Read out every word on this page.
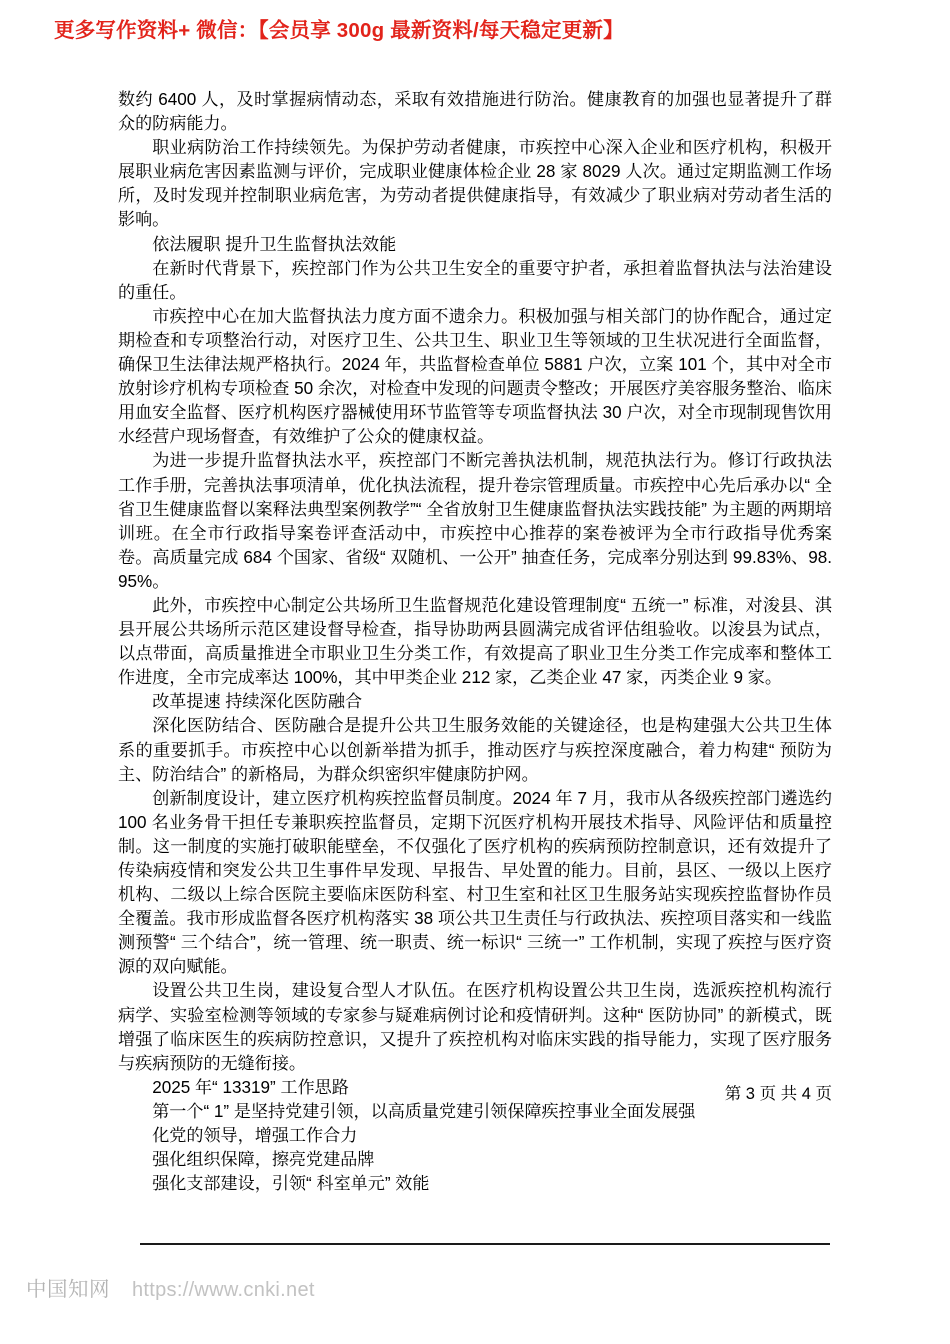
更多写作资料+ 微信：【会员享 300g 最新资料/每天稳定更新】

数约 6400 人，及时掌握病情动态，采取有效措施进行防治。健康教育的加强也显著提升了群众的防病能力。

职业病防治工作持续领先。为保护劳动者健康，市疾控中心深入企业和医疗机构，积极开展职业病危害因素监测与评价，完成职业健康体检企业 28 家 8029 人次。通过定期监测工作场所，及时发现并控制职业病危害，为劳动者提供健康指导，有效减少了职业病对劳动者生活的影响。

依法履职 提升卫生监督执法效能

在新时代背景下，疾控部门作为公共卫生安全的重要守护者，承担着监督执法与法治建设的重任。

市疾控中心在加大监督执法力度方面不遗余力。积极加强与相关部门的协作配合，通过定期检查和专项整治行动，对医疗卫生、公共卫生、职业卫生等领域的卫生状况进行全面监督，确保卫生法律法规严格执行。2024 年，共监督检查单位 5881 户次，立案 101 个，其中对全市放射诊疗机构专项检查 50 余次，对检查中发现的问题责令整改；开展医疗美容服务整治、临床用血安全监督、医疗机构医疗器械使用环节监管等专项监督执法 30 户次，对全市现制现售饮用水经营户现场督查，有效维护了公众的健康权益。

为进一步提升监督执法水平，疾控部门不断完善执法机制，规范执法行为。修订行政执法工作手册，完善执法事项清单，优化执法流程，提升卷宗管理质量。市疾控中心先后承办以“ 全省卫生健康监督以案释法典型案例教学”“ 全省放射卫生健康监督执法实践技能” 为主题的两期培训班。在全市行政指导案卷评查活动中，市疾控中心推荐的案卷被评为全市行政指导优秀案卷。高质量完成 684 个国家、省级“ 双随机、一公开” 抽查任务，完成率分别达到 99.83%、98.95%。

此外，市疾控中心制定公共场所卫生监督规范化建设管理制度“ 五统一” 标准，对浚县、淇县开展公共场所示范区建设督导检查，指导协助两县圆满完成省评估组验收。以浚县为试点，以点带面，高质量推进全市职业卫生分类工作，有效提高了职业卫生分类工作完成率和整体工作进度，全市完成率达 100%，其中甲类企业 212 家，乙类企业 47 家，丙类企业 9 家。

改革提速 持续深化医防融合

深化医防结合、医防融合是提升公共卫生服务效能的关键途径，也是构建强大公共卫生体系的重要抓手。市疾控中心以创新举措为抓手，推动医疗与疾控深度融合，着力构建“ 预防为主、防治结合” 的新格局，为群众织密织牢健康防护网。

创新制度设计，建立医疗机构疾控监督员制度。2024 年 7 月，我市从各级疾控部门遴选约 100 名业务骨干担任专兼职疾控监督员，定期下沉医疗机构开展技术指导、风险评估和质量控制。这一制度的实施打破职能壁垒，不仅强化了医疗机构的疾病预防控制意识，还有效提升了传染病疫情和突发公共卫生事件早发现、早报告、早处置的能力。目前，县区、一级以上医疗机构、二级以上综合医院主要临床医防科室、村卫生室和社区卫生服务站实现疾控监督协作员全覆盖。我市形成监督各医疗机构落实 38 项公共卫生责任与行政执法、疾控项目落实和一线监测预警“ 三个结合”，统一管理、统一职责、统一标识“ 三统一” 工作机制，实现了疾控与医疗资源的双向赋能。

设置公共卫生岗，建设复合型人才队伍。在医疗机构设置公共卫生岗，选派疾控机构流行病学、实验室检测等领域的专家参与疑难病例讨论和疫情研判。这种“ 医防协同” 的新模式，既增强了临床医生的疾病防控意识，又提升了疾控机构对临床实践的指导能力，实现了医疗服务与疾病预防的无缝衔接。

2025 年“ 13319” 工作思路

第一个“ 1” 是坚持党建引领，以高质量党建引领保障疾控事业全面发展强

化党的领导，增强工作合力

强化组织保障，擦亮党建品牌

强化支部建设，引领“ 科室单元” 效能

第 3 页 共 4 页
中国知网 https://www.cnki.net
